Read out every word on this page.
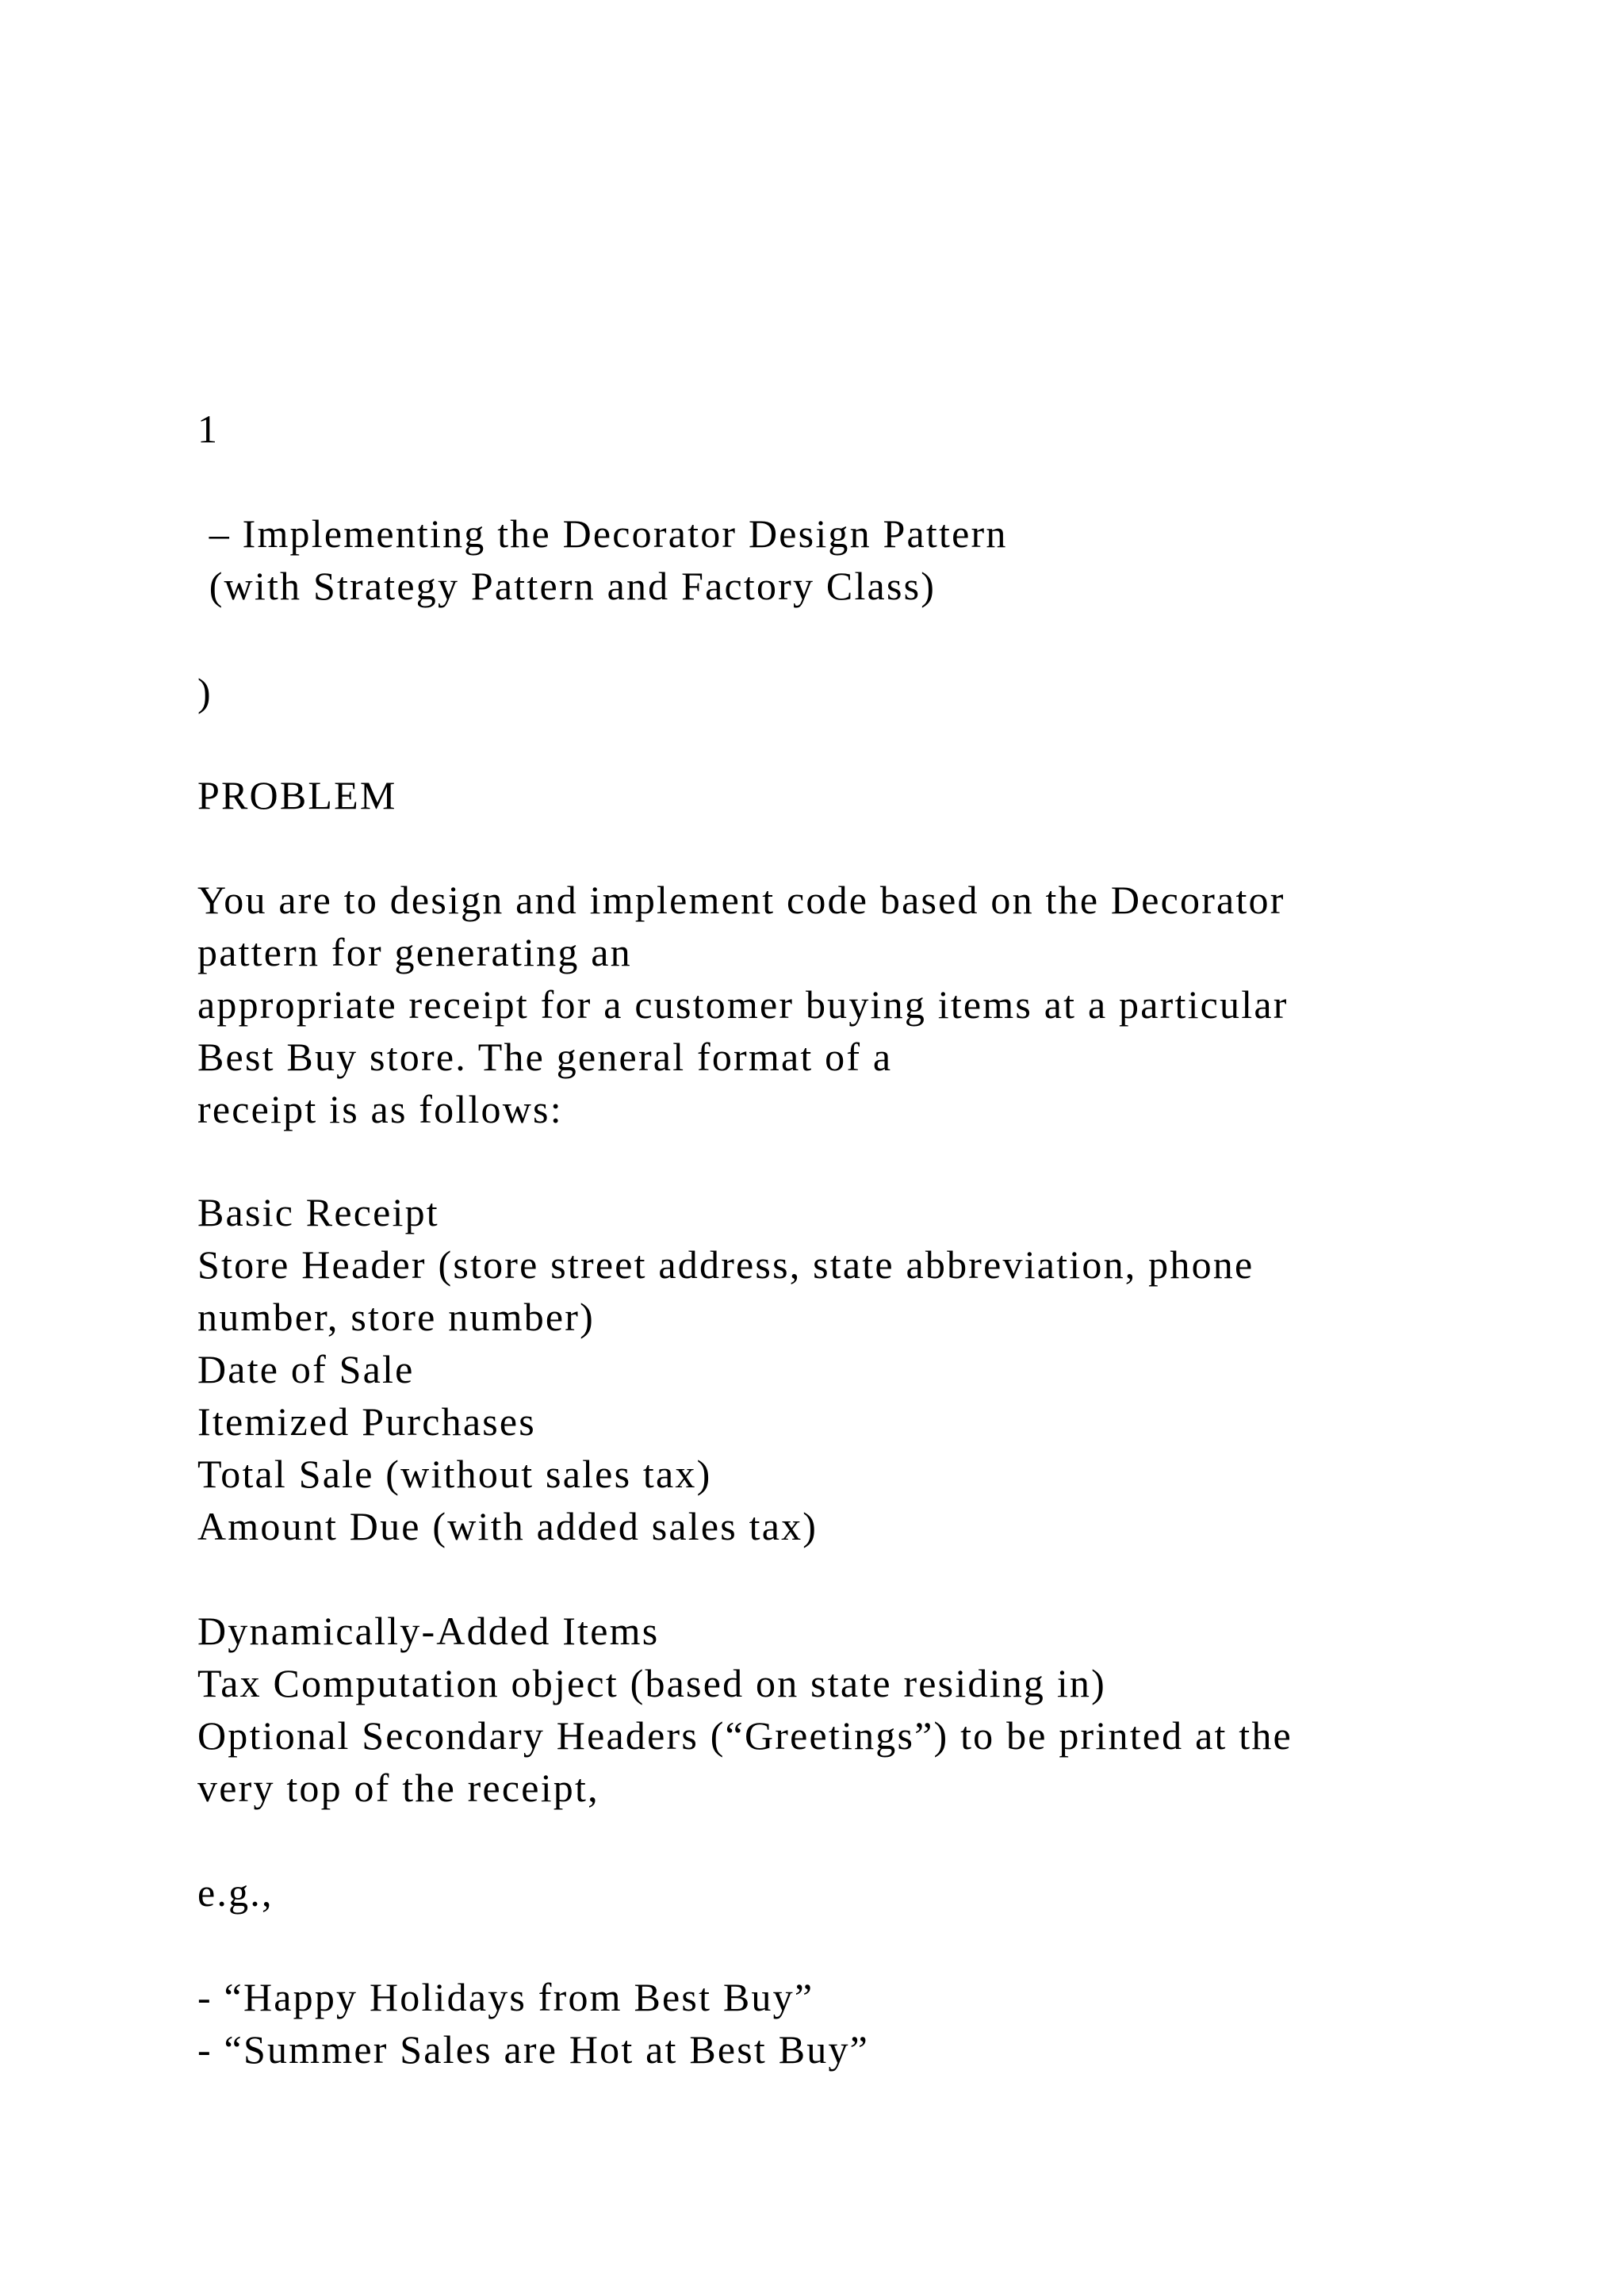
1
– Implementing the Decorator Design Pattern
(with Strategy Pattern and Factory Class)
)
PROBLEM
You are to design and implement code based on the Decorator
pattern for generating an
appropriate receipt for a customer buying items at a particular
Best Buy store. The general format of a
receipt is as follows:
Basic Receipt
Store Header (store street address, state abbreviation, phone
number, store number)
Date of Sale
Itemized Purchases
Total Sale (without sales tax)
Amount Due (with added sales tax)
Dynamically-Added Items
Tax Computation object (based on state residing in)
Optional Secondary Headers (“Greetings”) to be printed at the
very top of the receipt,
e.g.,
- “Happy Holidays from Best Buy”
- “Summer Sales are Hot at Best Buy”
